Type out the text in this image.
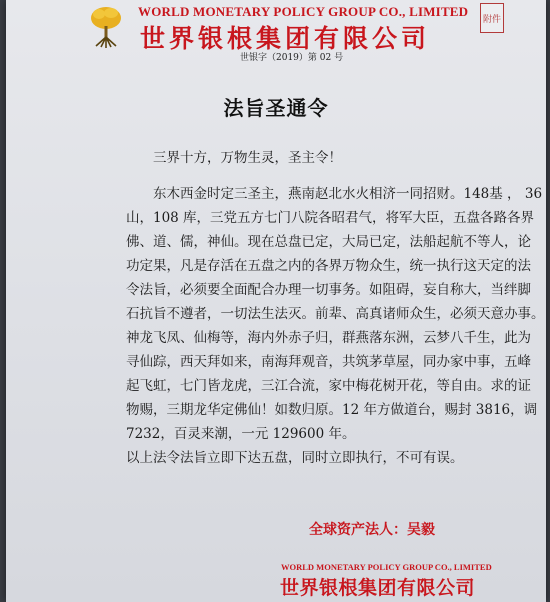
WORLD MONETARY POLICY GROUP CO., LIMITED
世界银根集团有限公司
附件
世银字（2019）第 02 号
法旨圣通令
三界十方，万物生灵，圣主令！
东木西金时定三圣主，燕南赵北水火相济一同招财。148基 ， 36
山，108 库，三党五方七门八院各昭君气，将军大臣，五盘各路各界
佛、道、儒，神仙。现在总盘已定，大局已定，法船起航不等人，论
功定果，凡是存活在五盘之内的各界万物众生，统一执行这天定的法
令法旨，必须要全面配合办理一切事务。如阻碍，妄自称大，当绊脚
石抗旨不遵者，一切法生法灭。前辈、高真诸师众生，必须天意办事。
神龙飞凤、仙梅等，海内外赤子归，群燕落东洲，云梦八千生，此为
寻仙踪，西天拜如来，南海拜观音，共筑茅草屋，同办家中事，五峰
起飞虹，七门皆龙虎，三江合流，家中梅花树开花，等自由。求的证
物赐，三期龙华定佛仙！如数归原。12 年方做道台，赐封 3816，调
7232，百灵来潮，一元 129600 年。
以上法令法旨立即下达五盘，同时立即执行，不可有误。
全球资产法人：吴毅
WORLD MONETARY POLICY GROUP CO., LIMITED
世界银根集团有限公司
